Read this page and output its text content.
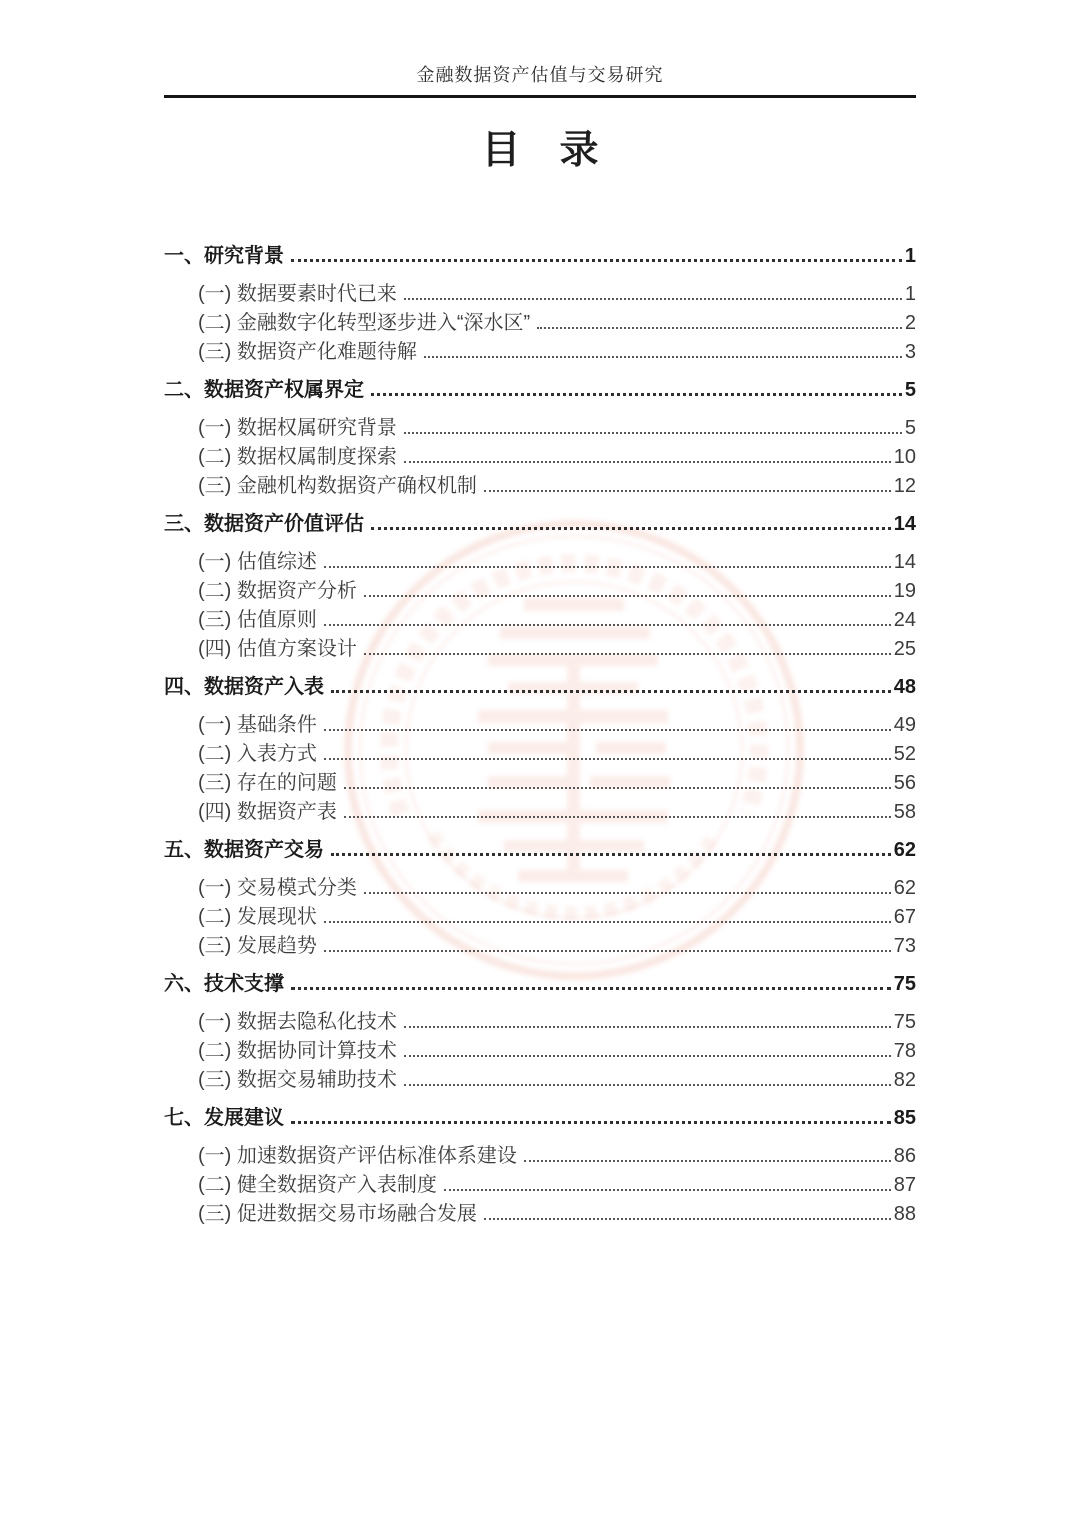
金融数据资产估值与交易研究
目　录
一、研究背景	1
(一) 数据要素时代已来	1
(二) 金融数字化转型逐步进入“深水区”	2
(三) 数据资产化难题待解	3
二、数据资产权属界定	5
(一) 数据权属研究背景	5
(二) 数据权属制度探索	10
(三) 金融机构数据资产确权机制	12
三、数据资产价值评估	14
(一) 估值综述	14
(二) 数据资产分析	19
(三) 估值原则	24
(四) 估值方案设计	25
四、数据资产入表	48
(一) 基础条件	49
(二) 入表方式	52
(三) 存在的问题	56
(四) 数据资产表	58
五、数据资产交易	62
(一) 交易模式分类	62
(二) 发展现状	67
(三) 发展趋势	73
六、技术支撑	75
(一) 数据去隐私化技术	75
(二) 数据协同计算技术	78
(三) 数据交易辅助技术	82
七、发展建议	85
(一) 加速数据资产评估标准体系建设	86
(二) 健全数据资产入表制度	87
(三) 促进数据交易市场融合发展	88
